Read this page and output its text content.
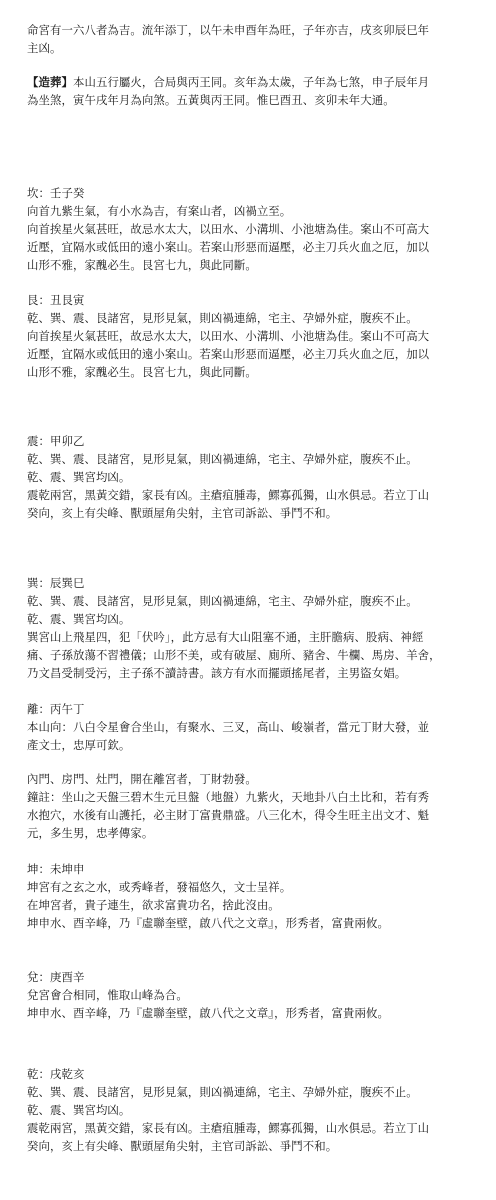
命宮有一六八者為吉。流年添丁，以午未申酉年為旺，子年亦吉，戌亥卯辰巳年
主凶。
【造葬】本山五行屬火，合局與丙王同。亥年為太歲，子年為七煞，申子辰年月
為坐煞，寅午戌年月為向煞。五黃與丙王同。惟巳酉丑、亥卯未年大通。
坎：壬子癸
向首九紫生氣，有小水為吉，有案山者，凶禍立至。
向首挨星火氣甚旺，故忌水太大，以田水、小溝圳、小池塘為佳。案山不可高大
近壓，宜隔水或低田的遠小案山。若案山形惡而逼壓，必主刀兵火血之厄，加以
山形不雅，家醜必生。艮宮七九，與此同斷。
艮：丑艮寅
乾、巽、震、艮諸宮，見形見氣，則凶禍連綿，宅主、孕婦外症，腹疾不止。
向首挨星火氣甚旺，故忌水太大，以田水、小溝圳、小池塘為佳。案山不可高大
近壓，宜隔水或低田的遠小案山。若案山形惡而逼壓，必主刀兵火血之厄，加以
山形不雅，家醜必生。艮宮七九，與此同斷。
震：甲卯乙
乾、巽、震、艮諸宮，見形見氣，則凶禍連綿，宅主、孕婦外症，腹疾不止。
乾、震、巽宮均凶。
震乾兩宮，黑黃交錯，家長有凶。主瘡疽腫毒，鰥寡孤獨，山水俱忌。若立丁山
癸向，亥上有尖峰、獸頭屋角尖射，主官司訴訟、爭鬥不和。
巽：辰巽巳
乾、巽、震、艮諸宮，見形見氣，則凶禍連綿，宅主、孕婦外症，腹疾不止。
乾、震、巽宮均凶。
巽宮山上飛星四，犯「伏吟」，此方忌有大山阻塞不通，主肝膽病、股病、神經
痛、子孫放蕩不習禮儀；山形不美，或有破屋、廁所、豬舍、牛欄、馬房、羊舍，
乃文昌受制受污，主子孫不讀詩書。該方有水而擺頭搖尾者，主男盜女娼。
離：丙午丁
本山向：八白令星會合坐山，有聚水、三叉，高山、峻嶺者，當元丁財大發，並
產文士，忠厚可欽。
內門、房門、灶門，開在離宮者，丁財勃發。
鐘註：坐山之天盤三碧木生元旦盤（地盤）九紫火，天地卦八白土比和，若有秀
水抱穴，水後有山護托，必主財丁富貴鼎盛。八三化木，得令生旺主出文才、魁
元，多生男，忠孝傳家。
坤：未坤申
坤宮有之玄之水，或秀峰者，發福悠久，文士呈祥。
在坤宮者，貴子連生，欲求富貴功名，捨此沒由。
坤申水、酉辛峰，乃『虛聯奎壁，啟八代之文章』，形秀者，富貴兩攸。
兌：庚酉辛
兌宮會合相同，惟取山峰為合。
坤申水、酉辛峰，乃『虛聯奎壁，啟八代之文章』，形秀者，富貴兩攸。
乾：戌乾亥
乾、巽、震、艮諸宮，見形見氣，則凶禍連綿，宅主、孕婦外症，腹疾不止。
乾、震、巽宮均凶。
震乾兩宮，黑黃交錯，家長有凶。主瘡疽腫毒，鰥寡孤獨，山水俱忌。若立丁山
癸向，亥上有尖峰、獸頭屋角尖射，主官司訴訟、爭鬥不和。
